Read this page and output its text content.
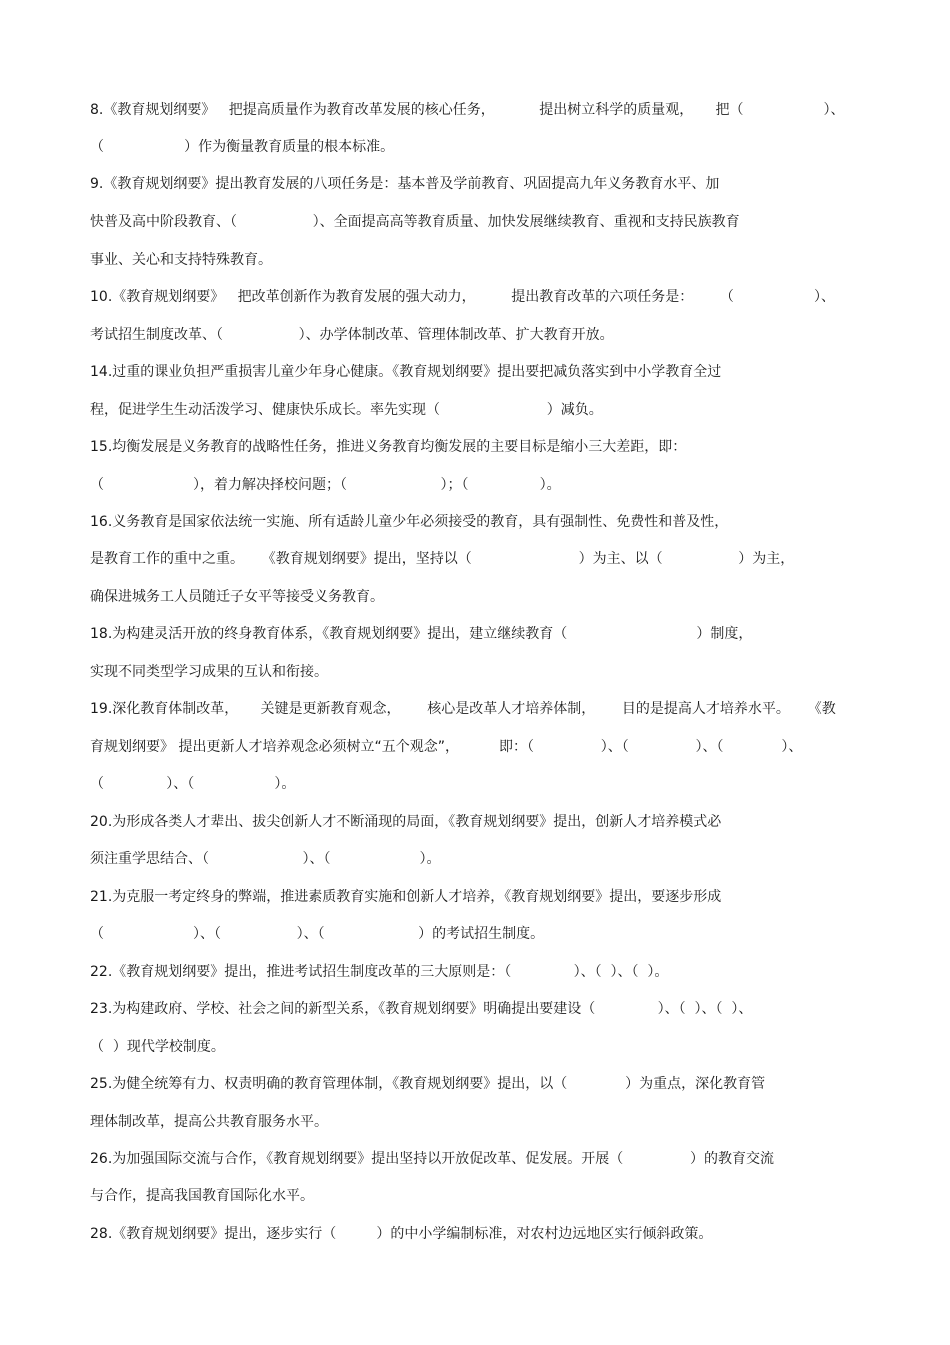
8.《教育规划纲要》   把提高质量作为教育改革发展的核心任务，          提出树立科学的质量观，     把（                  ）、
（                  ）作为衡量教育质量的根本标准。
9.《教育规划纲要》提出教育发展的八项任务是：基本普及学前教育、巩固提高九年义务教育水平、加
快普及高中阶段教育、（                 ）、全面提高高等教育质量、加快发展继续教育、重视和支持民族教育
事业、关心和支持特殊教育。
10.《教育规划纲要》   把改革创新作为教育发展的强大动力，        提出教育改革的六项任务是：      （                  ）、
考试招生制度改革、（                 ）、办学体制改革、管理体制改革、扩大教育开放。
14.过重的课业负担严重损害儿童少年身心健康。《教育规划纲要》提出要把减负落实到中小学教育全过
程，促进学生生动活泼学习、健康快乐成长。率先实现（                        ）减负。
15.均衡发展是义务教育的战略性任务，推进义务教育均衡发展的主要目标是缩小三大差距，即：
（                    ），着力解决择校问题；（                     ）；（                ）。
16.义务教育是国家依法统一实施、所有适龄儿童少年必须接受的教育，具有强制性、免费性和普及性，
是教育工作的重中之重。    《教育规划纲要》提出，坚持以（                        ）为主、以（                 ）为主，
确保进城务工人员随迁子女平等接受义务教育。
18.为构建灵活开放的终身教育体系，《教育规划纲要》提出，建立继续教育（                             ）制度，
实现不同类型学习成果的互认和衔接。
19.深化教育体制改革，     关键是更新教育观念，      核心是改革人才培养体制，      目的是提高人才培养水平。    《教
育规划纲要》 提出更新人才培养观念必须树立“五个观念”，         即：（               ）、（               ）、（             ）、
（              ）、（                  ）。
20.为形成各类人才辈出、拔尖创新人才不断涌现的局面，《教育规划纲要》提出，创新人才培养模式必
须注重学思结合、（                     ）、（                    ）。
21.为克服一考定终身的弊端，推进素质教育实施和创新人才培养，《教育规划纲要》提出，要逐步形成
（                    ）、（                 ）、（                     ）的考试招生制度。
22.《教育规划纲要》提出，推进考试招生制度改革的三大原则是：（              ）、（  ）、（  ）。
23.为构建政府、学校、社会之间的新型关系，《教育规划纲要》明确提出要建设（              ）、（  ）、（  ）、
（  ）现代学校制度。
25.为健全统筹有力、权责明确的教育管理体制，《教育规划纲要》提出，以（             ）为重点，深化教育管
理体制改革，提高公共教育服务水平。
26.为加强国际交流与合作，《教育规划纲要》提出坚持以开放促改革、促发展。开展（               ）的教育交流
与合作，提高我国教育国际化水平。
28.《教育规划纲要》提出，逐步实行（         ）的中小学编制标准，对农村边远地区实行倾斜政策。
